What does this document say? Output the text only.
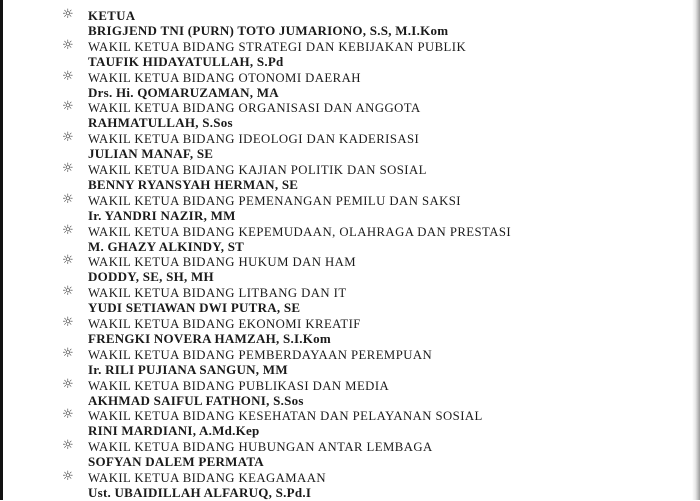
☼ KETUA
BRIGJEND TNI (PURN) TOTO JUMARIONO, S.S, M.I.Kom
☼ WAKIL KETUA BIDANG STRATEGI DAN KEBIJAKAN PUBLIK
TAUFIK HIDAYATULLAH, S.Pd
☼ WAKIL KETUA BIDANG OTONOMI DAERAH
Drs. Hi. QOMARUZAMAN, MA
☼ WAKIL KETUA BIDANG ORGANISASI DAN ANGGOTA
RAHMATULLAH, S.Sos
☼ WAKIL KETUA BIDANG IDEOLOGI DAN KADERISASI
JULIAN MANAF, SE
☼ WAKIL KETUA BIDANG KAJIAN POLITIK DAN SOSIAL
BENNY RYANSYAH HERMAN, SE
☼ WAKIL KETUA BIDANG PEMENANGAN PEMILU DAN SAKSI
Ir. YANDRI NAZIR, MM
☼ WAKIL KETUA BIDANG KEPEMUDAAN, OLAHRAGA DAN PRESTASI
M. GHAZY ALKINDY, ST
☼ WAKIL KETUA BIDANG HUKUM DAN HAM
DODDY, SE, SH, MH
☼ WAKIL KETUA BIDANG LITBANG DAN IT
YUDI SETIAWAN DWI PUTRA, SE
☼ WAKIL KETUA BIDANG EKONOMI KREATIF
FRENGKI NOVERA HAMZAH, S.I.Kom
☼ WAKIL KETUA BIDANG PEMBERDAYAAN PEREMPUAN
Ir. RILI PUJIANA SANGUN, MM
☼ WAKIL KETUA BIDANG PUBLIKASI DAN MEDIA
AKHMAD SAIFUL FATHONI, S.Sos
☼ WAKIL KETUA BIDANG KESEHATAN DAN PELAYANAN SOSIAL
RINI MARDIANI, A.Md.Kep
☼ WAKIL KETUA BIDANG HUBUNGAN ANTAR LEMBAGA
SOFYAN DALEM PERMATA
☼ WAKIL KETUA BIDANG KEAGAMAAN
Ust. UBAIDILLAH ALFARUQ, S.Pd.I
